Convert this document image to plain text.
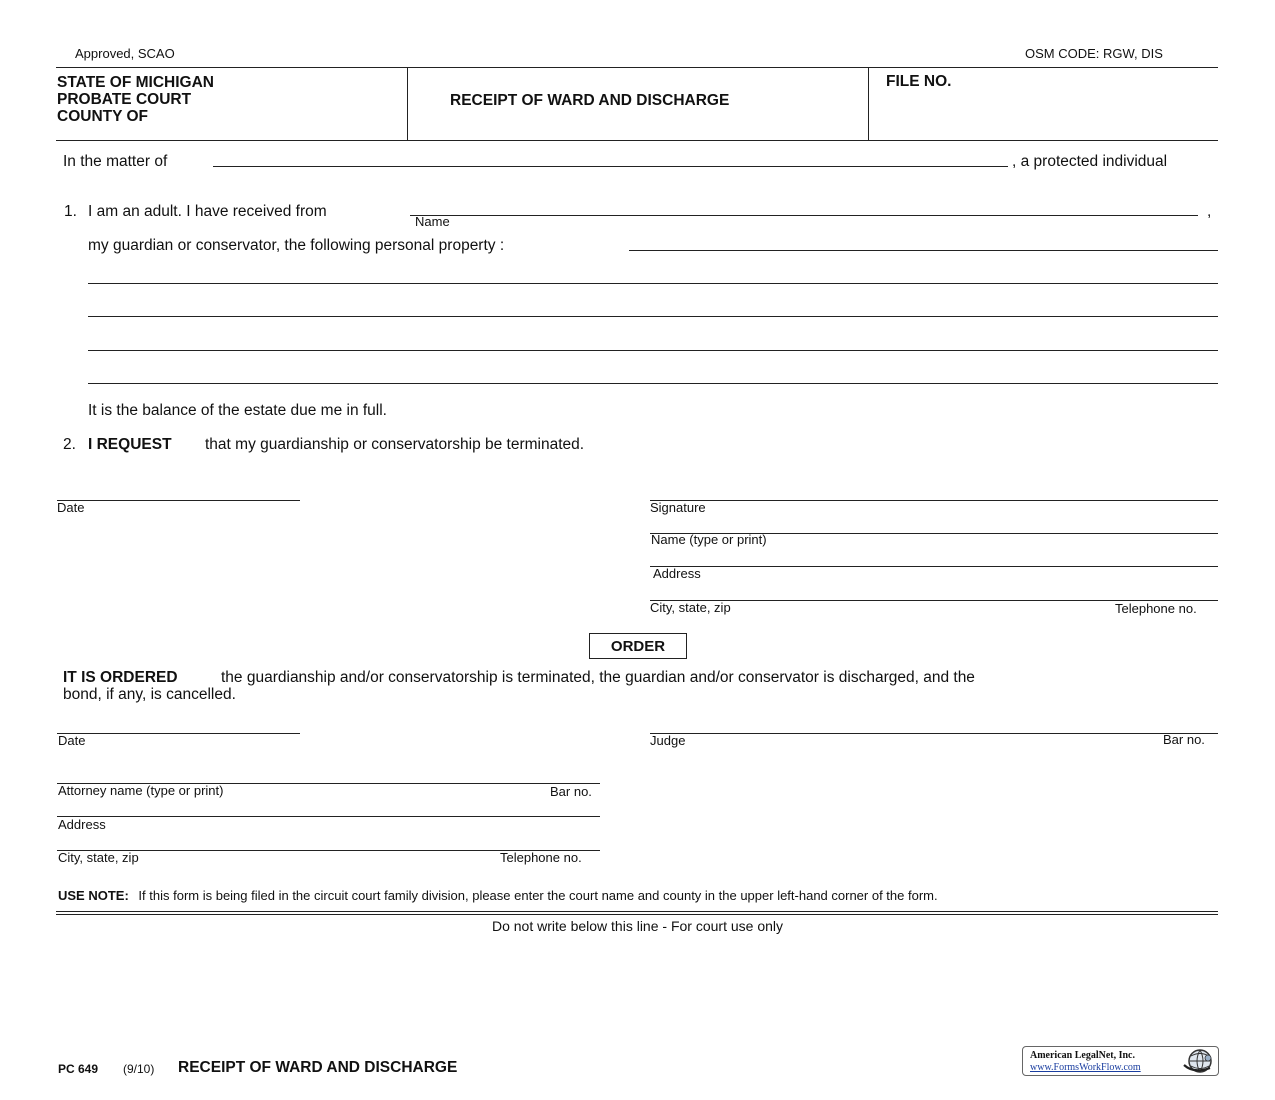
Approved, SCAO	OSM CODE: RGW, DIS
STATE OF MICHIGAN
PROBATE COURT
COUNTY OF
RECEIPT OF WARD AND DISCHARGE
FILE NO.
In the matter of	, a protected individual
1. I am an adult. I have received from
Name
,
my guardian or conservator, the following personal property :
It is the balance of the estate due me in full.
2. I REQUEST that my guardianship or conservatorship be terminated.
Date	Signature
Name (type or print)
Address
City, state, zip	Telephone no.
ORDER
IT IS ORDERED	the guardianship and/or conservatorship is terminated, the guardian and/or conservator is discharged, and the
bond, if any, is cancelled.
Date	Judge	Bar no.
Attorney name (type or print)	Bar no.
Address
City, state, zip	Telephone no.
USE NOTE: If this form is being filed in the circuit court family division, please enter the court name and county in the upper left-hand corner of the form.
Do not write below this line - For court use only
PC 649 (9/10) RECEIPT OF WARD AND DISCHARGE
American LegalNet, Inc.
www.FormsWorkFlow.com
